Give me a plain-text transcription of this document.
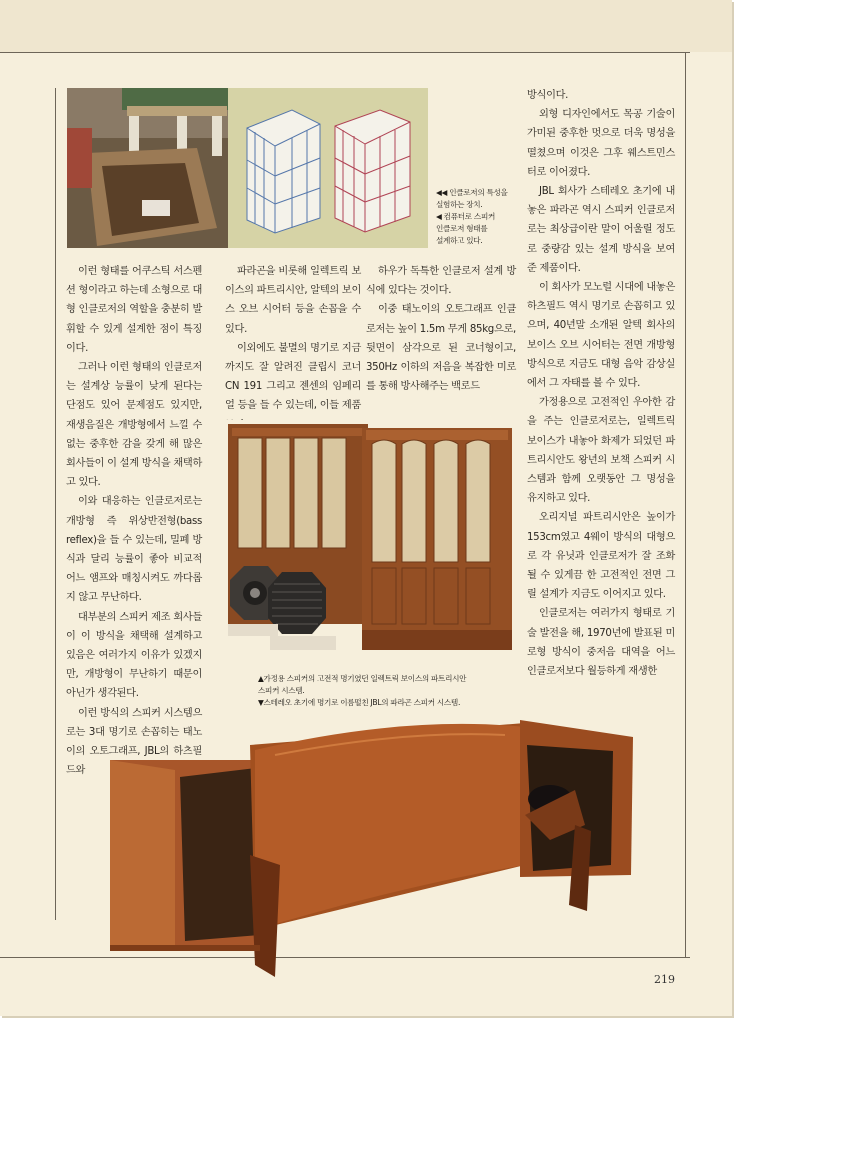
◀◀ 인클로저의 특성을
실험하는 장치.
◀ 컴퓨터로 스피커
인클로저 형태를
설계하고 있다.

이런 형태를 어쿠스틱 서스펜션 형이라고 하는데 소형으로 대형 인클로저의 역할을 충분히 발휘할 수 있게 설계한 점이 특징이다.

그러나 이런 형태의 인클로저는 설계상 능률이 낮게 된다는 단점도 있어 문제점도 있지만, 재생음질은 개방형에서 느낄 수 없는 중후한 감을 갖게 해 많은 회사들이 이 설계 방식을 채택하고 있다.

이와 대응하는 인클로저로는 개방형 즉 위상반전형(bass reflex)을 들 수 있는데, 밀폐 방식과 달리 능률이 좋아 비교적 어느 앰프와 매칭시켜도 까다롭지 않고 무난하다.

대부분의 스피커 제조 회사들이 이 방식을 채택해 설계하고 있음은 여러가지 이유가 있겠지만, 개방형이 무난하기 때문이 아닌가 생각된다.

이런 방식의 스피커 시스템으로는 3대 명기로 손꼽히는 태노이의 오토그래프, JBL의 하츠필드와

파라곤을 비롯해 일렉트릭 보이스의 파트리시안, 알텍의 보이스 오브 시어터 등을 손꼽을 수 있다.

이외에도 불멸의 명기로 지금까지도 잘 알려진 클립시 코너 CN 191 그리고 젠센의 임페리얼 등을 들 수 있는데, 이들 제품

하우가 독특한 인클로저 설계 방식에 있다는 것이다.

이중 태노이의 오토그래프 인클로저는 높이 1.5m 무게 85kg으로, 뒷면이 삼각으로 된 코너형이고, 350Hz 이하의 저음을 복잡한 미로를 통해 방사해주는 백로드

방식이다.

외형 디자인에서도 목공 기술이 가미된 중후한 멋으로 더욱 명성을 떨쳤으며 이것은 그후 웨스트민스터로 이어졌다.

JBL 회사가 스테레오 초기에 내놓은 파라곤 역시 스피커 인클로저로는 최상급이란 말이 어울릴 정도로 중량감 있는 설계 방식을 보여준 제품이다.

이 회사가 모노럴 시대에 내놓은 하츠필드 역시 명기로 손꼽히고 있으며, 40년말 소개된 알텍 회사의 보이스 오브 시어터는 전면 개방형 방식으로 지금도 대형 음악 감상실에서 그 자태를 볼 수 있다.

가정용으로 고전적인 우아한 감을 주는 인클로저로는, 일렉트릭 보이스가 내놓아 화제가 되었던 파트리시안도 왕년의 보책 스피커 시스템과 함께 오랫동안 그 명성을 유지하고 있다.

오리지널 파트리시안은 높이가 153cm였고 4웨이 방식의 대형으로 각 유닛과 인클로저가 잘 조화될 수 있게끔 한 고전적인 전면 그릴 설계가 지금도 이어지고 있다.

인클로저는 여러가지 형태로 기술 발전을 해, 1970년에 발표된 미로형 방식이 중저음 대역을 어느 인클로저보다 월등하게 재생한

▲가정용 스피커의 고전적 명기였던 일렉트릭 보이스의 파트리시안
스피커 시스템.
▼스테레오 초기에 명기로 이름떨친 JBL의 파라곤 스피커 시스템.
219
